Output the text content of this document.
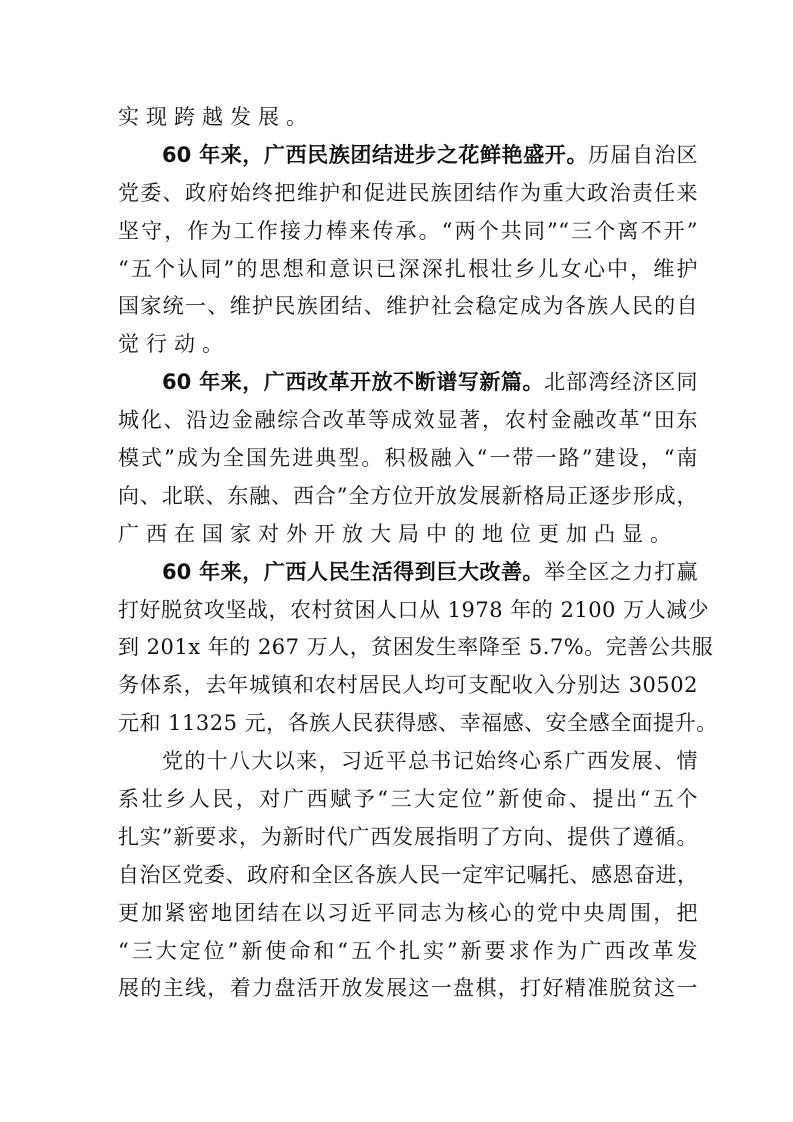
实现跨越发展。
60 年来，广西民族团结进步之花鲜艳盛开。历届自治区
党委、政府始终把维护和促进民族团结作为重大政治责任来
坚守，作为工作接力棒来传承。“两个共同”“三个离不开”
“五个认同”的思想和意识已深深扎根壮乡儿女心中，维护
国家统一、维护民族团结、维护社会稳定成为各族人民的自
觉行动。
60 年来，广西改革开放不断谱写新篇。北部湾经济区同
城化、沿边金融综合改革等成效显著，农村金融改革“田东
模式”成为全国先进典型。积极融入“一带一路”建设，“南
向、北联、东融、西合”全方位开放发展新格局正逐步形成，
广西在国家对外开放大局中的地位更加凸显。
60 年来，广西人民生活得到巨大改善。举全区之力打赢
打好脱贫攻坚战，农村贫困人口从 1978 年的 2100 万人减少
到 201x 年的 267 万人，贫困发生率降至 5.7%。完善公共服
务体系，去年城镇和农村居民人均可支配收入分别达 30502
元和 11325 元，各族人民获得感、幸福感、安全感全面提升。
党的十八大以来，习近平总书记始终心系广西发展、情
系壮乡人民，对广西赋予“三大定位”新使命、提出“五个
扎实”新要求，为新时代广西发展指明了方向、提供了遵循。
自治区党委、政府和全区各族人民一定牢记嘱托、感恩奋进，
更加紧密地团结在以习近平同志为核心的党中央周围，把
“三大定位”新使命和“五个扎实”新要求作为广西改革发
展的主线，着力盘活开放发展这一盘棋，打好精准脱贫这一
